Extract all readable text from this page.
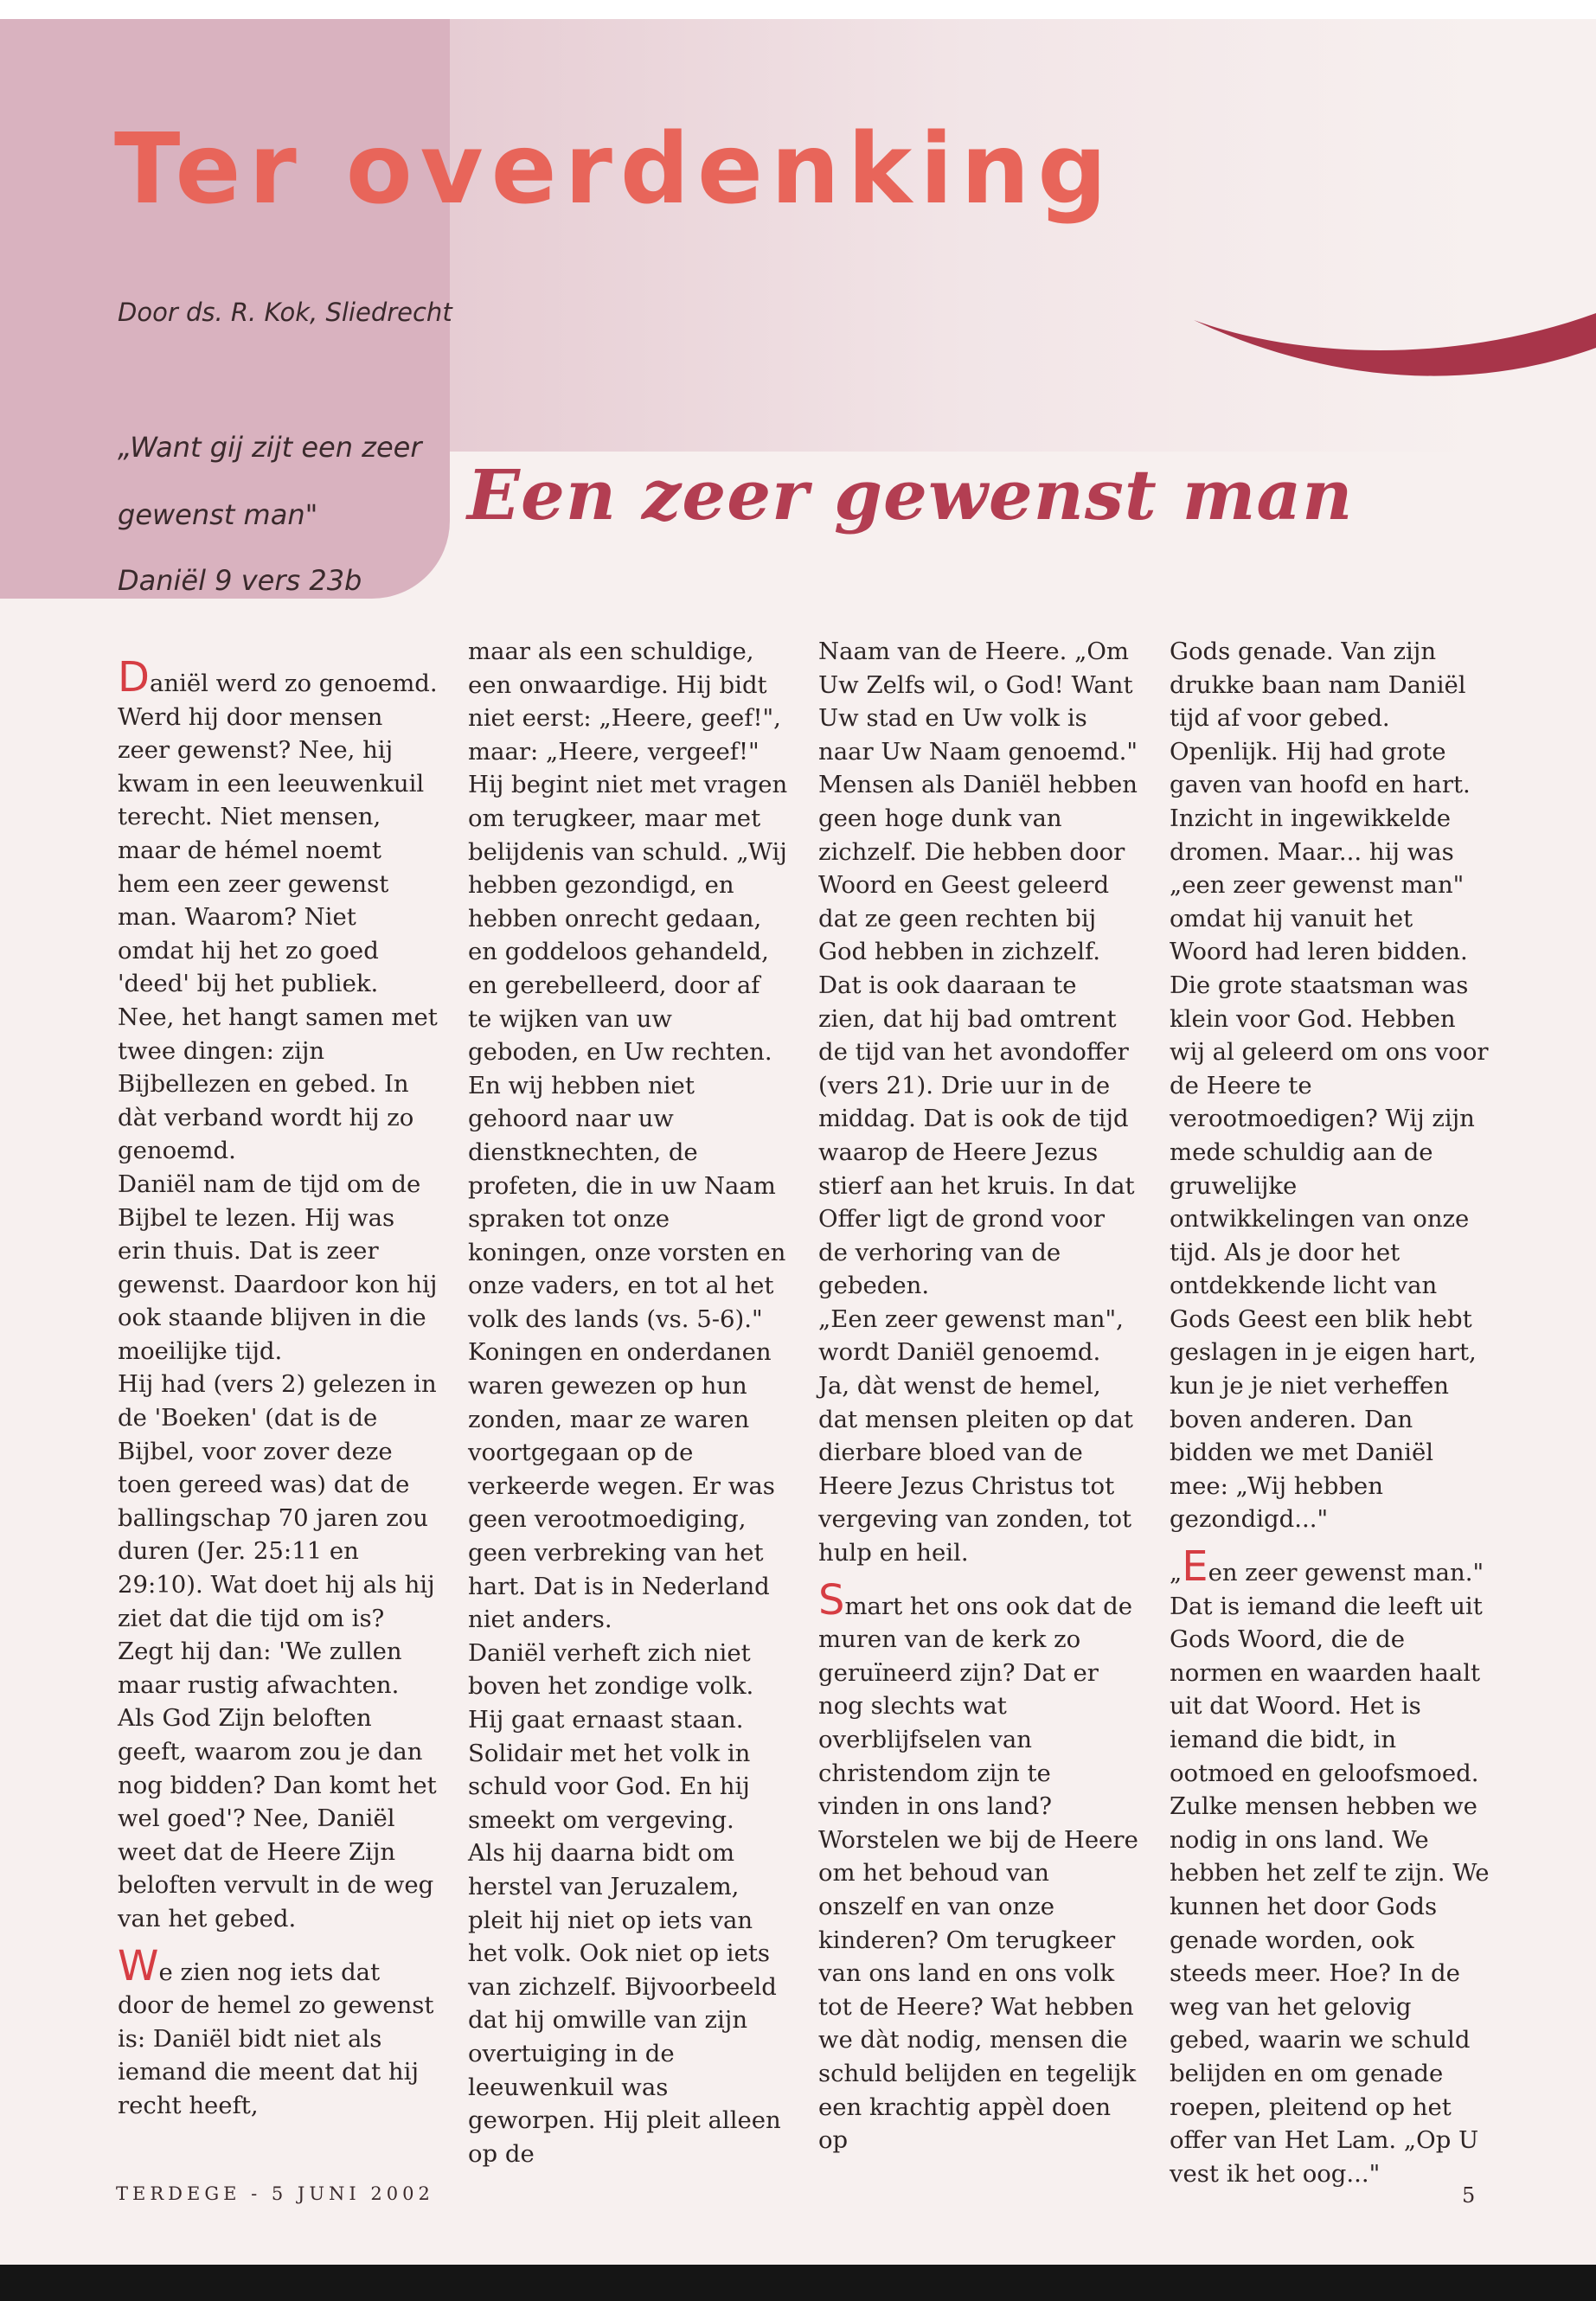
Ter overdenking
Door ds. R. Kok, Sliedrecht
„Want gij zijt een zeer
gewenst man"
Daniël 9 vers 23b
Een zeer gewenst man

Daniël werd zo genoemd. Werd hij door mensen zeer gewenst? Nee, hij kwam in een leeuwenkuil terecht. Niet mensen, maar de hémel noemt hem een zeer gewenst man. Waarom? Niet omdat hij het zo goed 'deed' bij het publiek. Nee, het hangt samen met twee dingen: zijn Bijbellezen en gebed. In dàt verband wordt hij zo genoemd.

Daniël nam de tijd om de Bijbel te lezen. Hij was erin thuis. Dat is zeer gewenst. Daardoor kon hij ook staande blijven in die moeilijke tijd.

Hij had (vers 2) gelezen in de 'Boeken' (dat is de Bijbel, voor zover deze toen gereed was) dat de ballingschap 70 jaren zou duren (Jer. 25:11 en 29:10). Wat doet hij als hij ziet dat die tijd om is? Zegt hij dan: 'We zullen maar rustig afwachten. Als God Zijn beloften geeft, waarom zou je dan nog bidden? Dan komt het wel goed'? Nee, Daniël weet dat de Heere Zijn beloften vervult in de weg van het gebed.

We zien nog iets dat door de hemel zo gewenst is: Daniël bidt niet als iemand die meent dat hij recht heeft,

maar als een schuldige, een onwaardige. Hij bidt niet eerst: „Heere, geef!", maar: „Heere, vergeef!" Hij begint niet met vragen om terugkeer, maar met belijdenis van schuld. „Wij hebben gezondigd, en hebben onrecht gedaan, en goddeloos gehandeld, en gerebelleerd, door af te wijken van uw geboden, en Uw rechten. En wij hebben niet gehoord naar uw dienstknechten, de profeten, die in uw Naam spraken tot onze koningen, onze vorsten en onze vaders, en tot al het volk des lands (vs. 5-6)." Koningen en onderdanen waren gewezen op hun zonden, maar ze waren voortgegaan op de verkeerde wegen. Er was geen verootmoediging, geen verbreking van het hart. Dat is in Nederland niet anders.

Daniël verheft zich niet boven het zondige volk. Hij gaat ernaast staan. Solidair met het volk in schuld voor God. En hij smeekt om vergeving.

Als hij daarna bidt om herstel van Jeruzalem, pleit hij niet op iets van het volk. Ook niet op iets van zichzelf. Bijvoorbeeld dat hij omwille van zijn overtuiging in de leeuwenkuil was geworpen. Hij pleit alleen op de

Naam van de Heere. „Om Uw Zelfs wil, o God! Want Uw stad en Uw volk is naar Uw Naam genoemd." Mensen als Daniël hebben geen hoge dunk van zichzelf. Die hebben door Woord en Geest geleerd dat ze geen rechten bij God hebben in zichzelf. Dat is ook daaraan te zien, dat hij bad omtrent de tijd van het avondoffer (vers 21). Drie uur in de middag. Dat is ook de tijd waarop de Heere Jezus stierf aan het kruis. In dat Offer ligt de grond voor de verhoring van de gebeden.

„Een zeer gewenst man", wordt Daniël genoemd. Ja, dàt wenst de hemel, dat mensen pleiten op dat dierbare bloed van de Heere Jezus Christus tot vergeving van zonden, tot hulp en heil.

Smart het ons ook dat de muren van de kerk zo geruïneerd zijn? Dat er nog slechts wat overblijfselen van christendom zijn te vinden in ons land? Worstelen we bij de Heere om het behoud van onszelf en van onze kinderen? Om terugkeer van ons land en ons volk tot de Heere? Wat hebben we dàt nodig, mensen die schuld belijden en tegelijk een krachtig appèl doen op

Gods genade. Van zijn drukke baan nam Daniël tijd af voor gebed. Openlijk. Hij had grote gaven van hoofd en hart. Inzicht in ingewikkelde dromen. Maar... hij was „een zeer gewenst man" omdat hij vanuit het Woord had leren bidden. Die grote staatsman was klein voor God. Hebben wij al geleerd om ons voor de Heere te verootmoedigen? Wij zijn mede schuldig aan de gruwelijke ontwikkelingen van onze tijd. Als je door het ontdekkende licht van Gods Geest een blik hebt geslagen in je eigen hart, kun je je niet verheffen boven anderen. Dan bidden we met Daniël mee: „Wij hebben gezondigd..."

„Een zeer gewenst man." Dat is iemand die leeft uit Gods Woord, die de normen en waarden haalt uit dat Woord. Het is iemand die bidt, in ootmoed en geloofsmoed. Zulke mensen hebben we nodig in ons land. We hebben het zelf te zijn. We kunnen het door Gods genade worden, ook steeds meer. Hoe? In de weg van het gelovig gebed, waarin we schuld belijden en om genade roepen, pleitend op het offer van Het Lam. „Op U vest ik het oog..."

TERDEGE - 5 JUNI 2002	5
